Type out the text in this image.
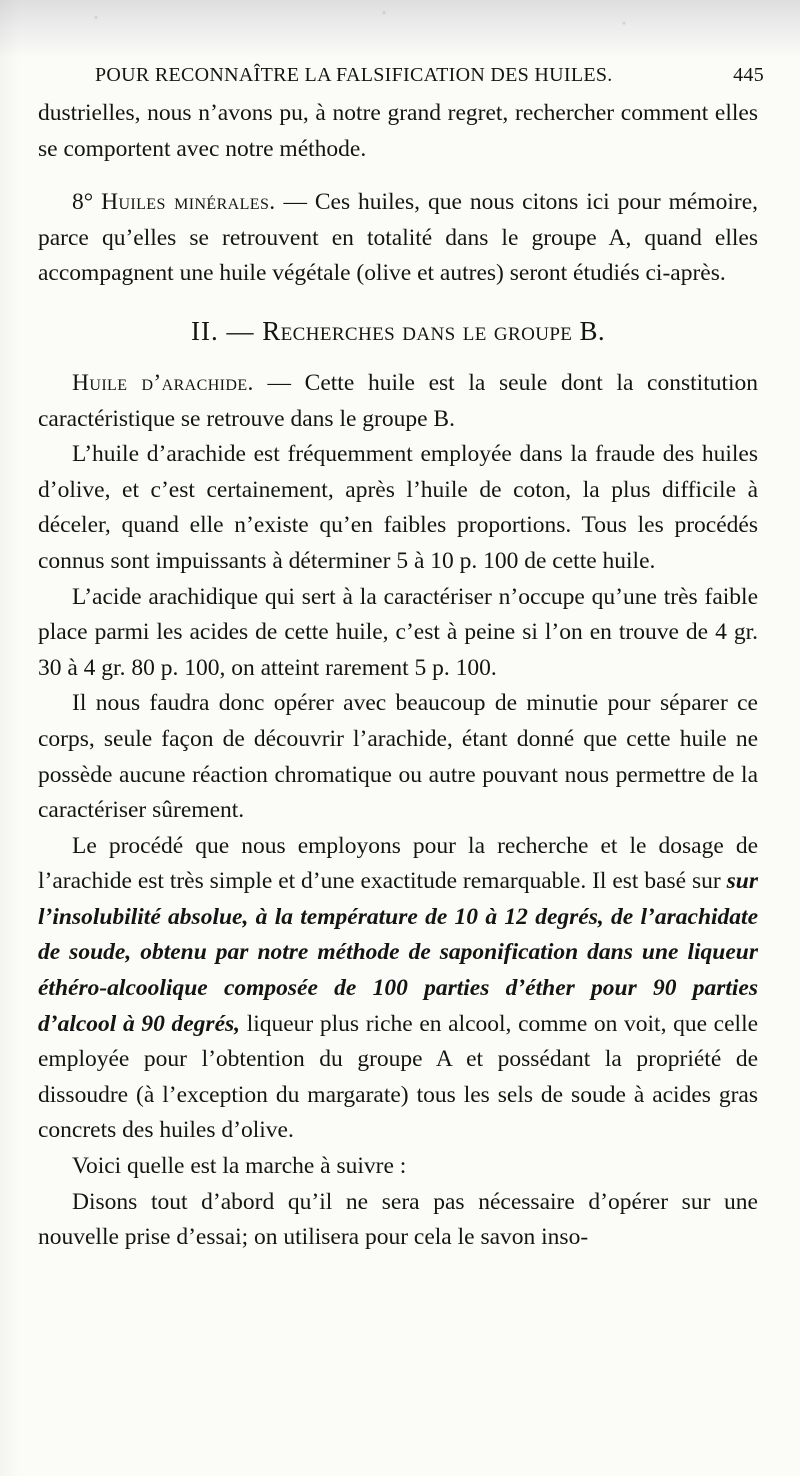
POUR RECONNAÎTRE LA FALSIFICATION DES HUILES.	445

dustrielles, nous n’avons pu, à notre grand regret, rechercher comment elles se comportent avec notre méthode.

8° Huiles minérales. — Ces huiles, que nous citons ici pour mémoire, parce qu’elles se retrouvent en totalité dans le groupe A, quand elles accompagnent une huile végétale (olive et autres) seront étudiés ci-après.

II. — Recherches dans le groupe B.

Huile d’arachide. — Cette huile est la seule dont la constitution caractéristique se retrouve dans le groupe B.

L’huile d’arachide est fréquemment employée dans la fraude des huiles d’olive, et c’est certainement, après l’huile de coton, la plus difficile à déceler, quand elle n’existe qu’en faibles proportions. Tous les procédés connus sont impuissants à déterminer 5 à 10 p. 100 de cette huile.

L’acide arachidique qui sert à la caractériser n’occupe qu’une très faible place parmi les acides de cette huile, c’est à peine si l’on en trouve de 4 gr. 30 à 4 gr. 80 p. 100, on atteint rarement 5 p. 100.

Il nous faudra donc opérer avec beaucoup de minutie pour séparer ce corps, seule façon de découvrir l’arachide, étant donné que cette huile ne possède aucune réaction chromatique ou autre pouvant nous permettre de la caractériser sûrement.

Le procédé que nous employons pour la recherche et le dosage de l’arachide est très simple et d’une exactitude remarquable. Il est basé sur sur l’insolubilité absolue, à la température de 10 à 12 degrés, de l’arachidate de soude, obtenu par notre méthode de saponification dans une liqueur éthéro-alcoolique composée de 100 parties d’éther pour 90 parties d’alcool à 90 degrés, liqueur plus riche en alcool, comme on voit, que celle employée pour l’obtention du groupe A et possédant la propriété de dissoudre (à l’exception du margarate) tous les sels de soude à acides gras concrets des huiles d’olive.

Voici quelle est la marche à suivre :

Disons tout d’abord qu’il ne sera pas nécessaire d’opérer sur une nouvelle prise d’essai; on utilisera pour cela le savon inso-
